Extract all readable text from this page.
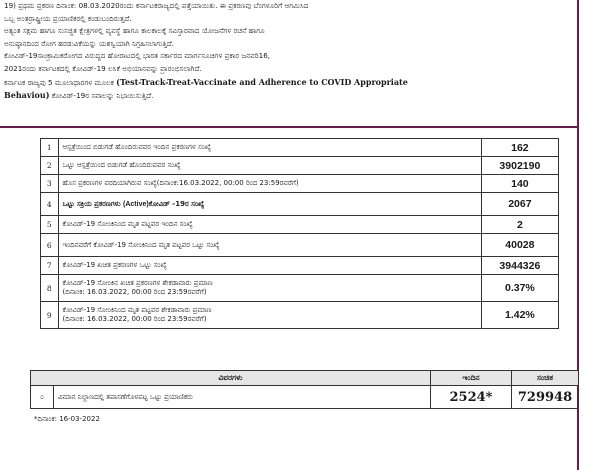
19) ಪ್ರಥಮ ಪ್ರಕರಣ ದಿನಾಂಕ: 08.03.2020ರಂದು ಕರ್ನಾಟಕರಾಜ್ಯದಲ್ಲಿ ಪತ್ತೆಯಾಯಿತು. ಈ ಪ್ರಕರಣವು ಬೆಂಗಳೂರಿಗೆ ಆಗಮಿಸಿದ

ಒಬ್ಬ ಅಂತರ್ರಾಷ್ಟ್ರೀಯ ಪ್ರಯಾಣಿಕರಲ್ಲಿ ಕಂಡುಬಂದಿರುತ್ತದೆ.

ಅತ್ಯಂತ ಸಕ್ಷಮ ಹಾಗೂ ಸುಸಜ್ಜಿತ ಕ್ಷೇತ್ರಗಳಲ್ಲಿ ವ್ಯವಸ್ಥೆ ಹಾಗೂ ಕಾಲಕಾಲಕ್ಕೆ ಸವಿಸ್ತಾರವಾದ ಯೋಜನೆಗಳ ರಚನೆ ಹಾಗೂ

ಅನುಷ್ಠಾನದಿಂದ ರೋಗ ಹರಡುವಿಕೆಯನ್ನು ಯಶಸ್ವಿಯಾಗಿ ನಿಗ್ರಹಿಸಲಾಗುತ್ತಿದೆ.

ಕೋವಿಡ್-19ಸಾಂಕ್ರಾಮಿಕರೋಗದ ವಿರುದ್ಧದ ಹೋರಾಟದಲ್ಲಿ ಭಾರತ ಸರ್ಕಾರದ ಮಾರ್ಗಸೂಚಿಗಳ ಪ್ರಕಾರ ಜನವರಿ16,

2021ರಂದು ಕರ್ನಾಟಕದಲ್ಲಿ ಕೋವಿಡ್-19 ಲಸಿಕೆ ಅಭಿಯಾನವನ್ನು ಪ್ರಾರಂಭಿಸಲಾಗಿದೆ.

ಕರ್ನಾಟಕ ರಾಜ್ಯವು 5 ಮೂಲಾಧಾರಗಳ ಮೂಲಕ (Test-Track-Treat-Vaccinate and Adherence to COVID Appropriate

Behaviou) ಕೋವಿಡ್-19ರ ಸವಾಲನ್ನು ನಿಭಾಯಿಸುತ್ತಿದೆ.

1	ಆಸ್ಪತ್ರೆಯಿಂದ ಬಿಡುಗಡೆ ಹೊಂದಿರುವವರ ಇಂದಿನ ಪ್ರಕರಣಗಳ ಸಂಖ್ಯೆ	162
2	ಒಟ್ಟು ಆಸ್ಪತ್ರೆಯಿಂದ ಬಿಡುಗಡೆ ಹೊಂದಿರುವವರ ಸಂಖ್ಯೆ	3902190
3	ಹೊಸ ಪ್ರಕರಣಗಳ ವರದಿಯಾಗಿರುವ ಸಂಖ್ಯೆ(ದಿನಾಂಕ:16.03.2022, 00:00 ರಿಂದ 23:59ರವರೆಗೆ)	140
4	ಒಟ್ಟು ಸಕ್ರಿಯ ಪ್ರಕರಣಗಳು (Active)ಕೋವಿಡ್ -19ರ ಸಂಖ್ಯೆ	2067
5	ಕೋವಿಡ್-19 ಸೋಂಕಿನಿಂದ ಮೃತ ಪಟ್ಟವರ ಇಂದಿನ ಸಂಖ್ಯೆ	2
6	ಇಂದಿನವರೆಗೆ ಕೋವಿಡ್-19 ಸೋಂಕಿನಿಂದ ಮೃತ ಪಟ್ಟವರ ಒಟ್ಟು ಸಂಖ್ಯೆ	40028
7	ಕೋವಿಡ್-19 ಖಚಿತ ಪ್ರಕರಣಗಳ ಒಟ್ಟು ಸಂಖ್ಯೆ	3944326
8	ಕೋವಿಡ್-19 ಸೋಂಕಿನ ಖಚಿತ ಪ್ರಕರಣಗಳ ಶೇಕಡಾವಾರು ಪ್ರಮಾಣ
(ದಿನಾಂಕ: 16.03.2022, 00:00 ರಿಂದ 23:59ರವರೆಗೆ)	0.37%
9	ಕೋವಿಡ್-19 ಸೋಂಕಿನಿಂದ ಮೃತ ಪಟ್ಟವರ ಶೇಕಡಾವಾರು ಪ್ರಮಾಣ
(ದಿನಾಂಕ: 16.03.2022, 00:00 ರಿಂದ 23:59ರವರೆಗೆ)	1.42%
ವಿವರಗಳು		ಇಂದಿನ	ಸಂಚಿತ
೦	ವಿಮಾನ ನಿಲ್ದಾಣದಲ್ಲಿ ತಪಾಸಣೆಗೊಳಪಟ್ಟ ಒಟ್ಟು ಪ್ರಯಾಣಿಕರು	2524*	729948
*ದಿನಾಂಕ: 16-03-2022
